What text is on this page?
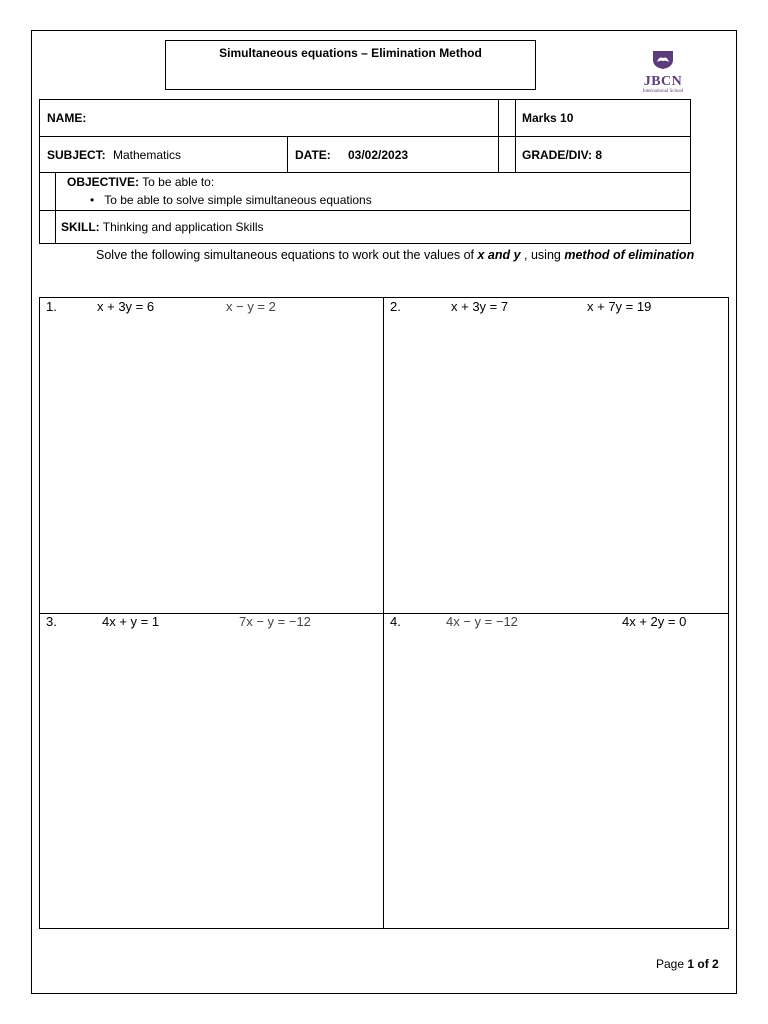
Simultaneous equations – Elimination Method
JBCN
International School
NAME:	Marks 10
SUBJECT: Mathematics	DATE: 03/02/2023	GRADE/DIV: 8
OBJECTIVE: To be able to:
• To be able to solve simple simultaneous equations
SKILL: Thinking and application Skills
Solve the following simultaneous equations to work out the values of x and y , using method of elimination
1.	x + 3y = 6	x − y = 2	2.	x + 3y = 7	x + 7y = 19
3.	4x + y = 1	7x − y = −12	4.	4x − y = −12	4x + 2y = 0
Page 1 of 2
